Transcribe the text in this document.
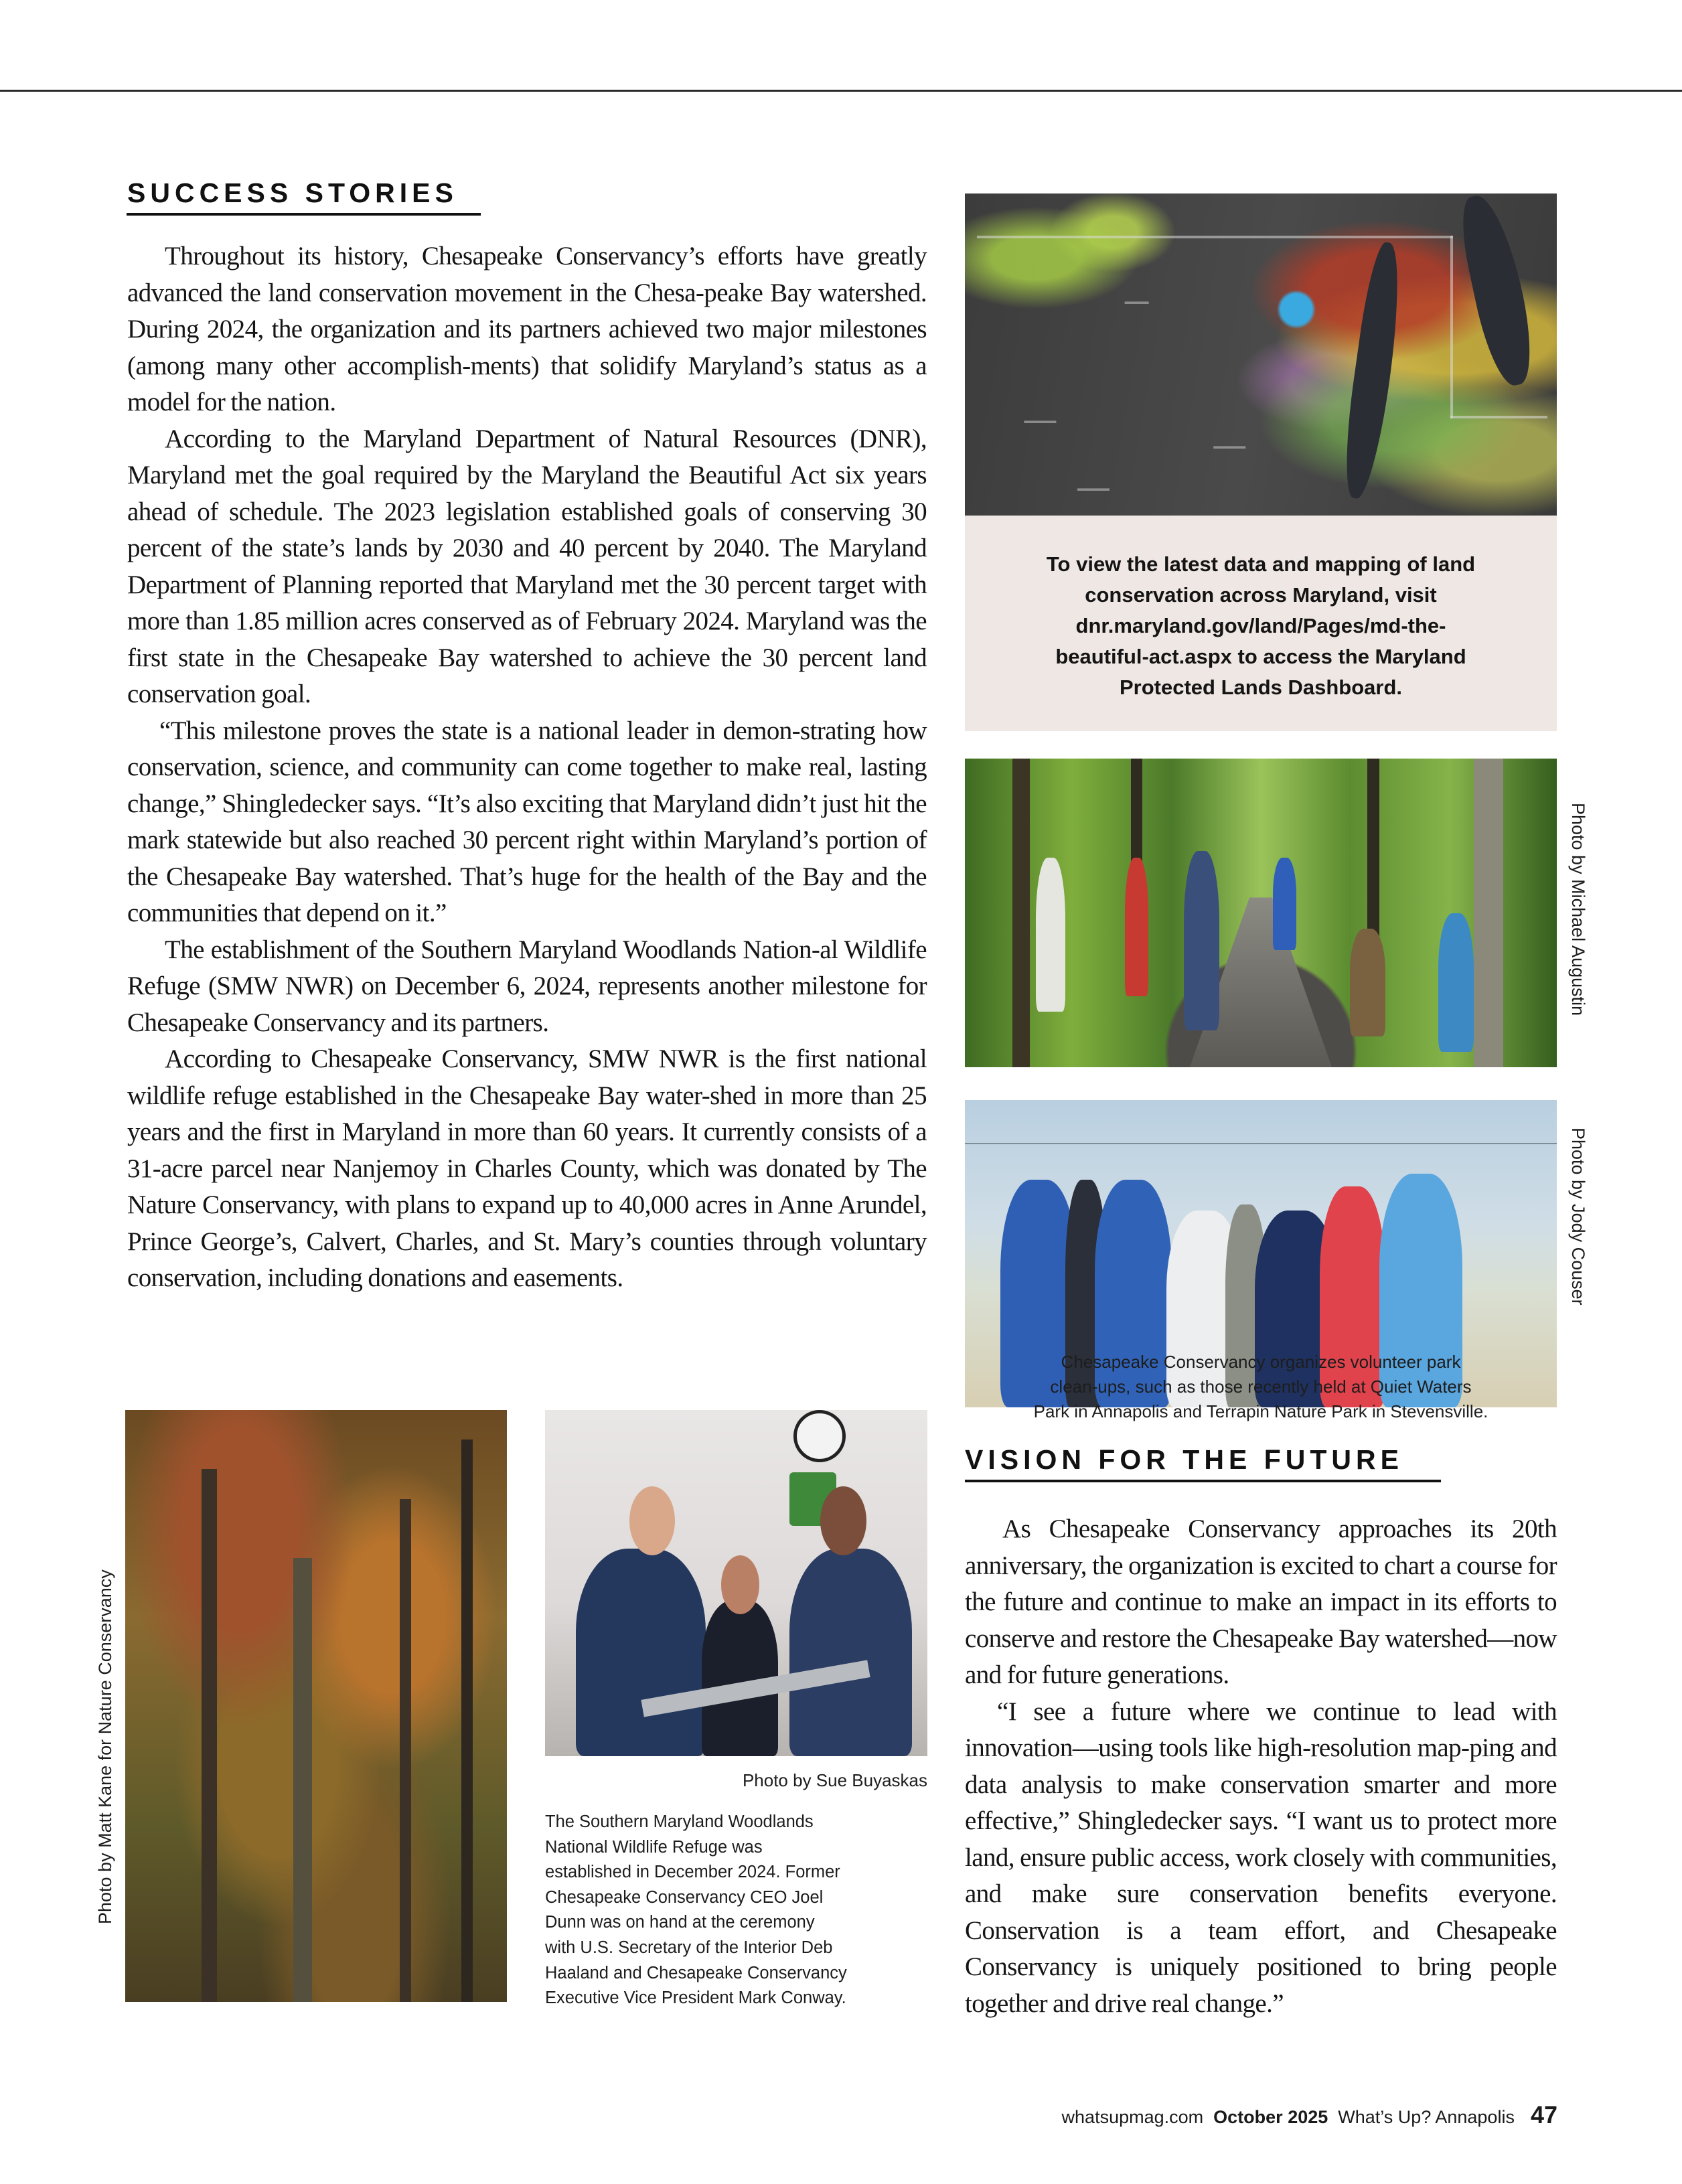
SUCCESS STORIES

Throughout its history, Chesapeake Conservancy’s efforts have greatly advanced the land conservation movement in the Chesa-peake Bay watershed. During 2024, the organization and its partners achieved two major milestones (among many other accomplish-ments) that solidify Maryland’s status as a model for the nation.

According to the Maryland Department of Natural Resources (DNR), Maryland met the goal required by the Maryland the Beautiful Act six years ahead of schedule. The 2023 legislation established goals of conserving 30 percent of the state’s lands by 2030 and 40 percent by 2040. The Maryland Department of Planning reported that Maryland met the 30 percent target with more than 1.85 million acres conserved as of February 2024. Maryland was the first state in the Chesapeake Bay watershed to achieve the 30 percent land conservation goal.

“This milestone proves the state is a national leader in demon-strating how conservation, science, and community can come together to make real, lasting change,” Shingledecker says. “It’s also exciting that Maryland didn’t just hit the mark statewide but also reached 30 percent right within Maryland’s portion of the Chesapeake Bay watershed. That’s huge for the health of the Bay and the communities that depend on it.”

The establishment of the Southern Maryland Woodlands Nation-al Wildlife Refuge (SMW NWR) on December 6, 2024, represents another milestone for Chesapeake Conservancy and its partners.

According to Chesapeake Conservancy, SMW NWR is the first national wildlife refuge established in the Chesapeake Bay water-shed in more than 25 years and the first in Maryland in more than 60 years. It currently consists of a 31-acre parcel near Nanjemoy in Charles County, which was donated by The Nature Conservancy, with plans to expand up to 40,000 acres in Anne Arundel, Prince George’s, Calvert, Charles, and St. Mary’s counties through voluntary conservation, including donations and easements.

▬▬▬
▬▬▬▬
▬▬▬▬
▬▬▬▬
To view the latest data and mapping of land conservation across Maryland, visit dnr.maryland.gov/land/Pages/md-the-beautiful-act.aspx to access the Maryland Protected Lands Dashboard.
Photo by Michael Augustin
Photo by Jody Couser
Chesapeake Conservancy organizes volunteer park
clean-ups, such as those recently held at Quiet Waters
Park in Annapolis and Terrapin Nature Park in Stevensville.
VISION FOR THE FUTURE

As Chesapeake Conservancy approaches its 20th anniversary, the organization is excited to chart a course for the future and continue to make an impact in its efforts to conserve and restore the Chesapeake Bay watershed—now and for future generations.

“I see a future where we continue to lead with innovation—using tools like high-resolution map-ping and data analysis to make conservation smarter and more effective,” Shingledecker says. “I want us to protect more land, ensure public access, work closely with communities, and make sure conservation benefits everyone. Conservation is a team effort, and Chesapeake Conservancy is uniquely positioned to bring people together and drive real change.”

Photo by Matt Kane for Nature Conservancy	Photo by Sue Buyaskas
The Southern Maryland Woodlands
National Wildlife Refuge was
established in December 2024. Former
Chesapeake Conservancy CEO Joel
Dunn was on hand at the ceremony
with U.S. Secretary of the Interior Deb
Haaland and Chesapeake Conservancy
Executive Vice President Mark Conway.
whatsupmag.com October 2025 What’s Up? Annapolis 47
